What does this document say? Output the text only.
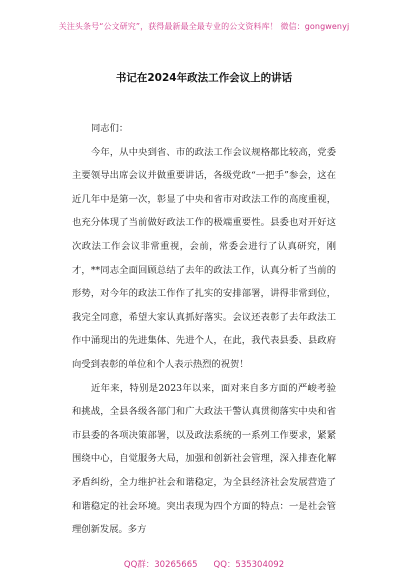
关注头条号“公文研究”，获得最新最全最专业的公文资料库！ 微信：gongwenyj
书记在2024年政法工作会议上的讲话

同志们：

今年，从中央到省、市的政法工作会议规格都比较高，党委主要领导出席会议并做重要讲话，各级党政“一把手”参会，这在近几年中是第一次，彰显了中央和省市对政法工作的高度重视，也充分体现了当前做好政法工作的极端重要性。县委也对开好这次政法工作会议非常重视，会前，常委会进行了认真研究，刚才，**同志全面回顾总结了去年的政法工作，认真分析了当前的形势，对今年的政法工作作了扎实的安排部署，讲得非常到位，我完全同意，希望大家认真抓好落实。会议还表彰了去年政法工作中涌现出的先进集体、先进个人，在此，我代表县委、县政府向受到表彰的单位和个人表示热烈的祝贺！

近年来，特别是2023年以来，面对来自多方面的严峻考验和挑战，全县各级各部门和广大政法干警认真贯彻落实中央和省市县委的各项决策部署，以及政法系统的一系列工作要求，紧紧围绕中心，自觉服务大局，加强和创新社会管理，深入排查化解矛盾纠纷，全力维护社会和谐稳定，为全县经济社会发展营造了和谐稳定的社会环境。突出表现为四个方面的特点：一是社会管理创新发展。多方

QQ群：30265665 QQ：535304092
